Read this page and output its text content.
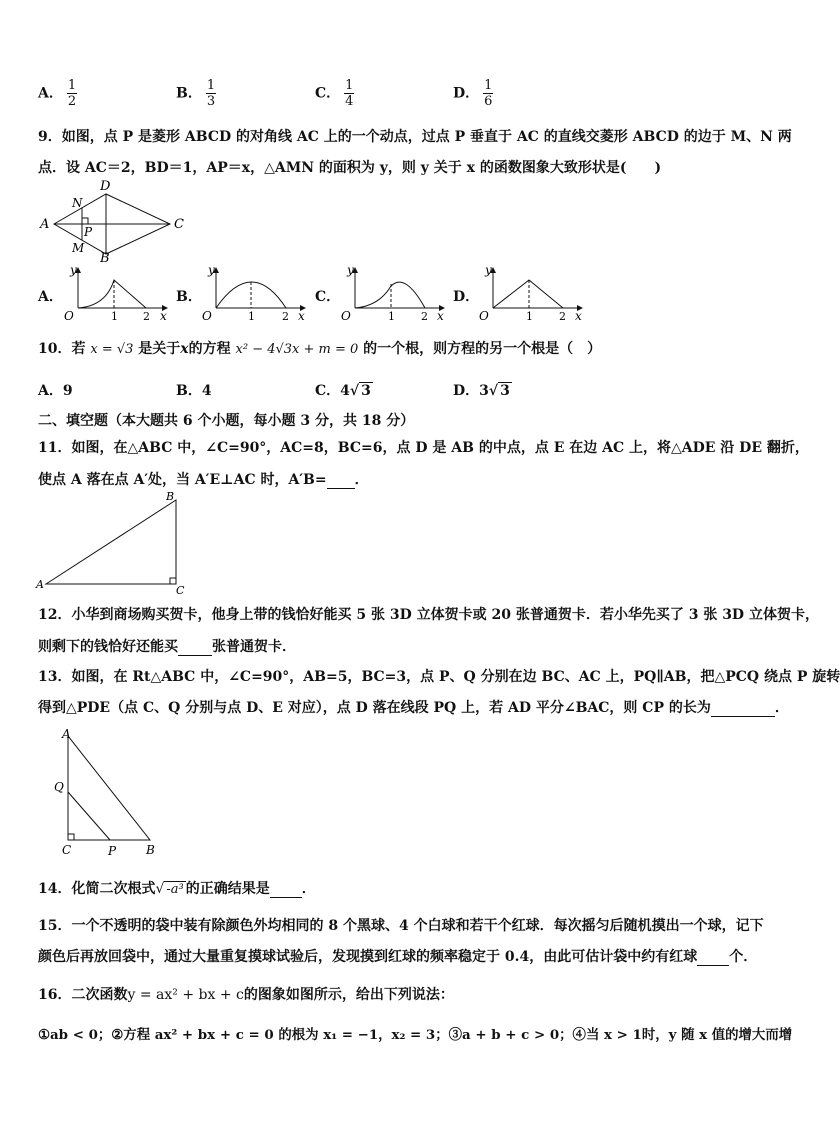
A． $\frac{1}{2}$	B． $\frac{1}{3}$	C． $\frac{1}{4}$	D． $\frac{1}{6}$
9．如图，点 P 是菱形 ABCD 的对角线 AC 上的一个动点，过点 P 垂直于 AC 的直线交菱形 ABCD 的边于 M、N 两
点．设 AC＝2，BD＝1，AP＝x，△AMN 的面积为 y，则 y 关于 x 的函数图象大致形状是(　　)
A
D
C
B
N
P
M
A．	B．	C．	D．
y
O	1 2 x
y
O	1 2 x
y
O	1 2 x
y
O	1 2 x
10．若 x = √3 是关于x的方程 x² − 4√3x + m = 0 的一个根，则方程的另一个根是（　）
A．9	B．4	C．4√ 3	D．3√ 3
二、填空题（本大题共 6 个小题，每小题 3 分，共 18 分）
11．如图，在△ABC 中，∠C=90°，AC=8，BC=6，点 D 是 AB 的中点，点 E 在边 AC 上，将△ADE 沿 DE 翻折，
使点 A 落在点 A′处，当 A′E⊥AC 时，A′B= ．
A
B
C
12．小华到商场购买贺卡，他身上带的钱恰好能买 5 张 3D 立体贺卡或 20 张普通贺卡．若小华先买了 3 张 3D 立体贺卡，
则剩下的钱恰好还能买 张普通贺卡．
13．如图，在 Rt△ABC 中，∠C=90°，AB=5，BC=3，点 P、Q 分别在边 BC、AC 上，PQ∥AB，把△PCQ 绕点 P 旋转
得到△PDE（点 C、Q 分别与点 D、E 对应），点 D 落在线段 PQ 上，若 AD 平分∠BAC，则 CP 的长为	．
A
Q
C	P B
14．化简二次根式√ -a³ 的正确结果是 ．
15．一个不透明的袋中装有除颜色外均相同的 8 个黑球、4 个白球和若干个红球．每次摇匀后随机摸出一个球，记下
颜色后再放回袋中，通过大量重复摸球试验后，发现摸到红球的频率稳定于 0.4，由此可估计袋中约有红球 个．
16．二次函数y = ax² + bx + c的图象如图所示，给出下列说法：
①ab < 0；②方程 ax² + bx + c = 0 的根为 x₁ = −1，x₂ = 3；③a + b + c > 0；④当 x > 1时，y 随 x 值的增大而增
